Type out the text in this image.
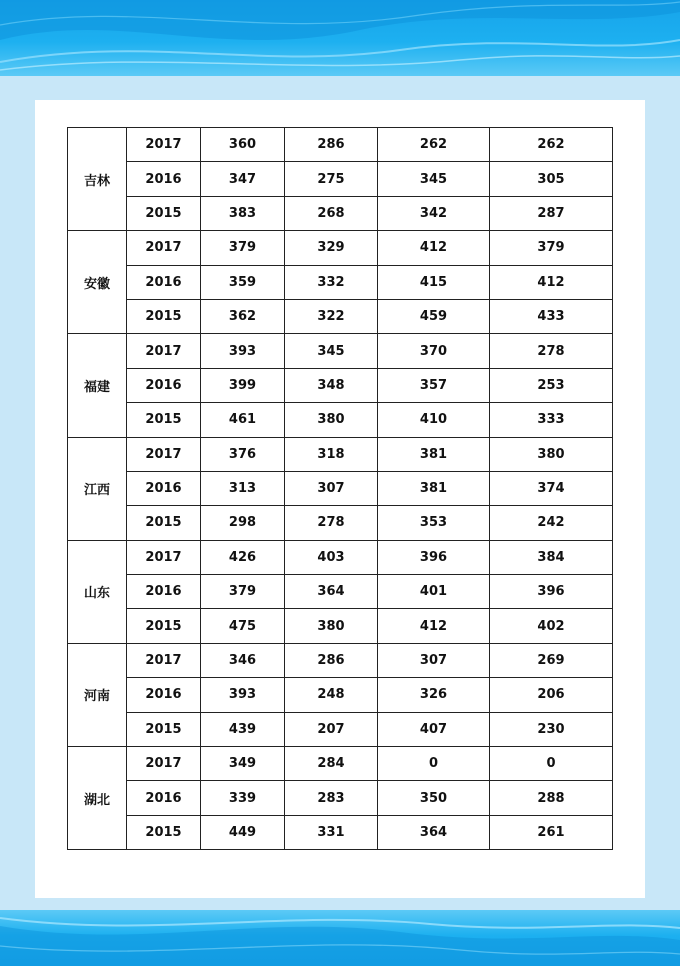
吉林	2017	360	286	262	262
	2016	347	275	345	305
	2015	383	268	342	287
安徽	2017	379	329	412	379
	2016	359	332	415	412
	2015	362	322	459	433
福建	2017	393	345	370	278
	2016	399	348	357	253
	2015	461	380	410	333
江西	2017	376	318	381	380
	2016	313	307	381	374
	2015	298	278	353	242
山东	2017	426	403	396	384
	2016	379	364	401	396
	2015	475	380	412	402
河南	2017	346	286	307	269
	2016	393	248	326	206
	2015	439	207	407	230
湖北	2017	349	284	0	0
	2016	339	283	350	288
	2015	449	331	364	261
